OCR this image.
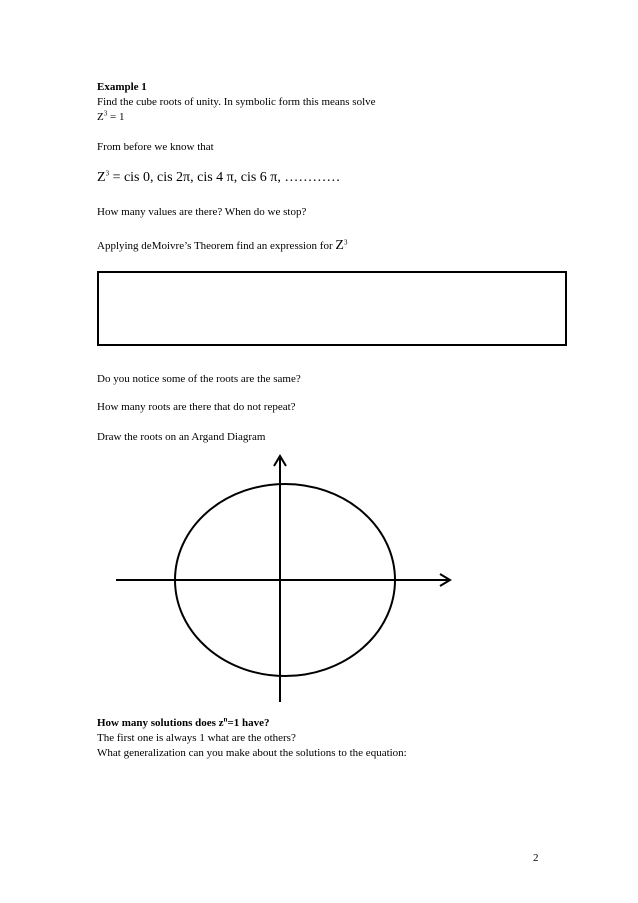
Example 1
Find the cube roots of unity. In symbolic form this means solve
$Z^3 = 1$
From before we know that
$Z^3$ = cis 0, cis 2π, cis 4 π, cis 6 π, …………
How many values are there? When do we stop?
Applying deMoivre’s Theorem find an expression for $Z^3$
Do you notice some of the roots are the same?
How many roots are there that do not repeat?
Draw the roots on an Argand Diagram
How many solutions does $z^n=1$ have?
The first one is always 1 what are the others?
What generalization can you make about the solutions to the equation:
2
